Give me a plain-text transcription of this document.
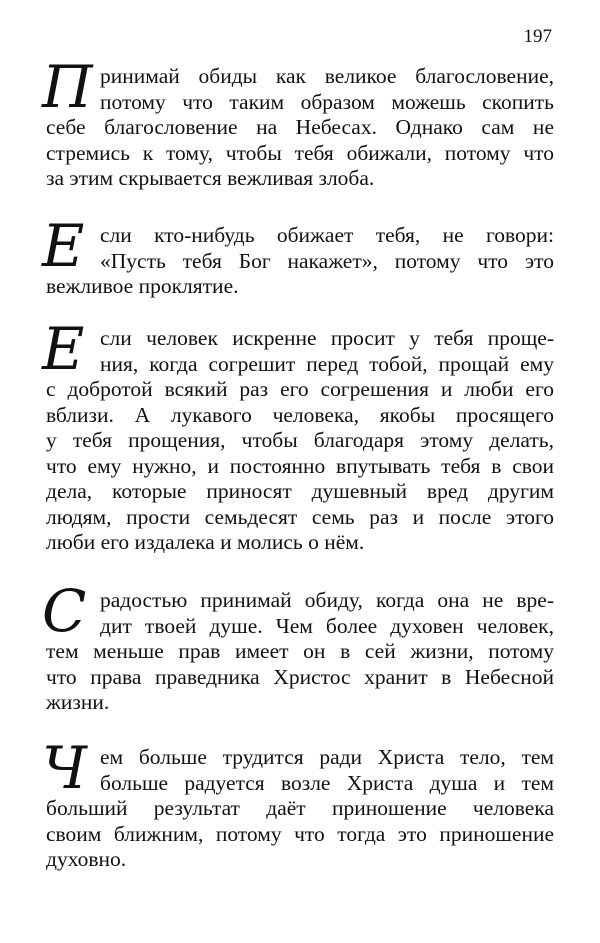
197
П ринимай обиды как великое благословение,
потому что таким образом можешь скопить
себе благословение на Небесах. Однако сам не
стремись к тому, чтобы тебя обижали, потому что
за этим скрывается вежливая злоба.
Е сли кто-нибудь обижает тебя, не говори:
«Пусть тебя Бог накажет», потому что это
вежливое проклятие.
Е сли человек искренне просит у тебя проще-
ния, когда согрешит перед тобой, прощай ему
с добротой всякий раз его согрешения и люби его
вблизи. А лукавого человека, якобы просящего
у тебя прощения, чтобы благодаря этому делать,
что ему нужно, и постоянно впутывать тебя в свои
дела, которые приносят душевный вред другим
людям, прости семьдесят семь раз и после этого
люби его издалека и молись о нём.
С радостью принимай обиду, когда она не вре-
дит твоей душе. Чем более духовен человек,
тем меньше прав имеет он в сей жизни, потому
что права праведника Христос хранит в Небесной
жизни.
Ч ем больше трудится ради Христа тело, тем
больше радуется возле Христа душа и тем
больший результат даёт приношение человека
своим ближним, потому что тогда это приношение
духовно.
